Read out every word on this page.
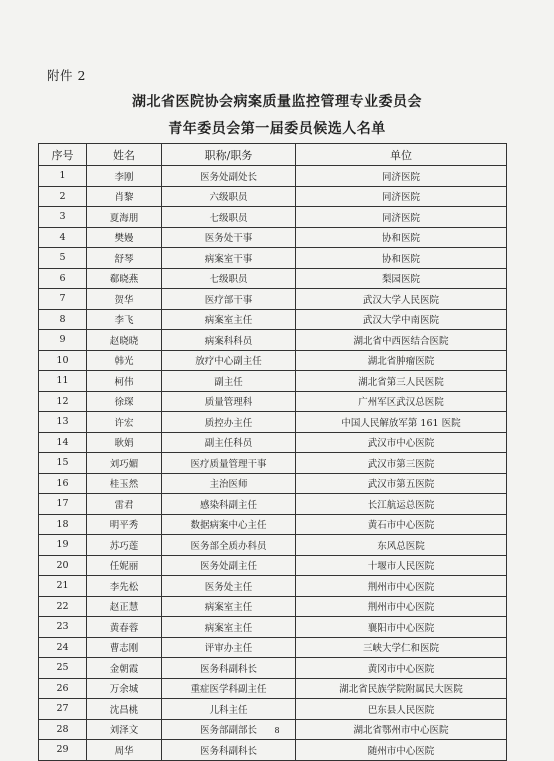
附件 2
湖北省医院协会病案质量监控管理专业委员会
青年委员会第一届委员候选人名单
序号	姓名	职称/职务	单位
1	李刚	医务处副处长	同济医院
2	肖黎	六级职员	同济医院
3	夏海朋	七级职员	同济医院
4	樊嫚	医务处干事	协和医院
5	舒琴	病案室干事	协和医院
6	郗晓燕	七级职员	梨园医院
7	贺华	医疗部干事	武汉大学人民医院
8	李飞	病案室主任	武汉大学中南医院
9	赵晓晓	病案科科员	湖北省中西医结合医院
10	韩光	放疗中心副主任	湖北省肿瘤医院
11	柯伟	副主任	湖北省第三人民医院
12	徐琛	质量管理科	广州军区武汉总医院
13	许宏	质控办主任	中国人民解放军第 161 医院
14	耿娟	副主任科员	武汉市中心医院
15	刘巧媚	医疗质量管理干事	武汉市第三医院
16	桂玉然	主治医师	武汉市第五医院
17	雷君	感染科副主任	长江航运总医院
18	明平秀	数据病案中心主任	黄石市中心医院
19	苏巧莲	医务部全质办科员	东风总医院
20	任妮丽	医务处副主任	十堰市人民医院
21	李先松	医务处主任	荆州市中心医院
22	赵正慧	病案室主任	荆州市中心医院
23	黄春蓉	病案室主任	襄阳市中心医院
24	曹志刚	评审办主任	三峡大学仁和医院
25	金朝霞	医务科副科长	黄冈市中心医院
26	万余城	重症医学科副主任	湖北省民族学院附属民大医院
27	沈昌桃	儿科主任	巴东县人民医院
28	刘泽文	医务部副部长	湖北省鄂州市中心医院
29	周华	医务科副科长	随州市中心医院
8
